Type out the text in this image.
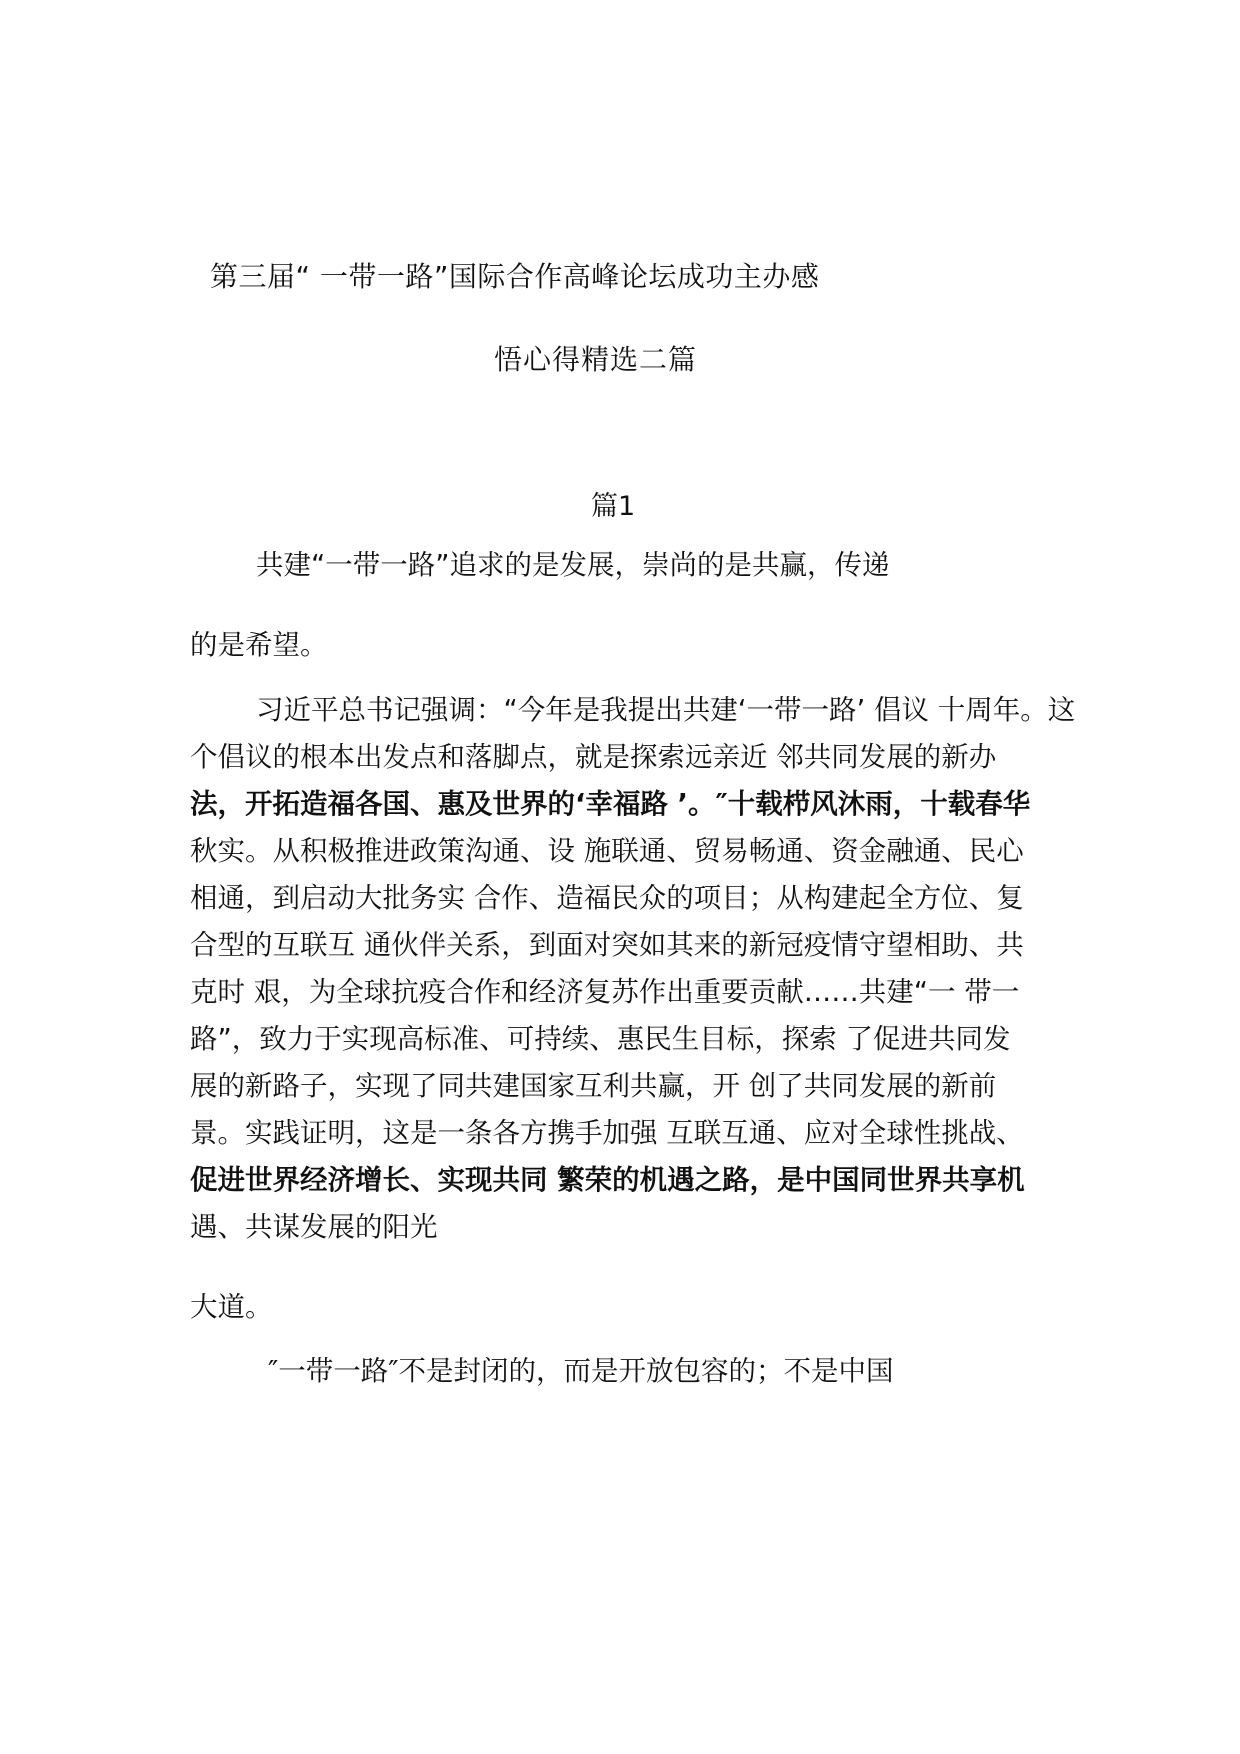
第三届“ 一带一路”国际合作高峰论坛成功主办感
悟心得精选二篇
篇1
共建“一带一路”追求的是发展，崇尚的是共赢，传递
的是希望。
习近平总书记强调：“今年是我提出共建‘一带一路’ 倡议 十周年。这
个倡议的根本出发点和落脚点，就是探索远亲近 邻共同发展的新办
法，开拓造福各国、惠及世界的‘幸福路 ’。″十载栉风沐雨，十载春华
秋实。从积极推进政策沟通、设 施联通、贸易畅通、资金融通、民心
相通，到启动大批务实 合作、造福民众的项目；从构建起全方位、复
合型的互联互 通伙伴关系，到面对突如其来的新冠疫情守望相助、共
克时 艰，为全球抗疫合作和经济复苏作出重要贡献……共建“一 带一
路”，致力于实现高标准、可持续、惠民生目标，探索 了促进共同发
展的新路子，实现了同共建国家互利共赢，开 创了共同发展的新前
景。实践证明，这是一条各方携手加强 互联互通、应对全球性挑战、
促进世界经济增长、实现共同 繁荣的机遇之路，是中国同世界共享机
遇、共谋发展的阳光
大道。
″一带一路″不是封闭的，而是开放包容的；不是中国
